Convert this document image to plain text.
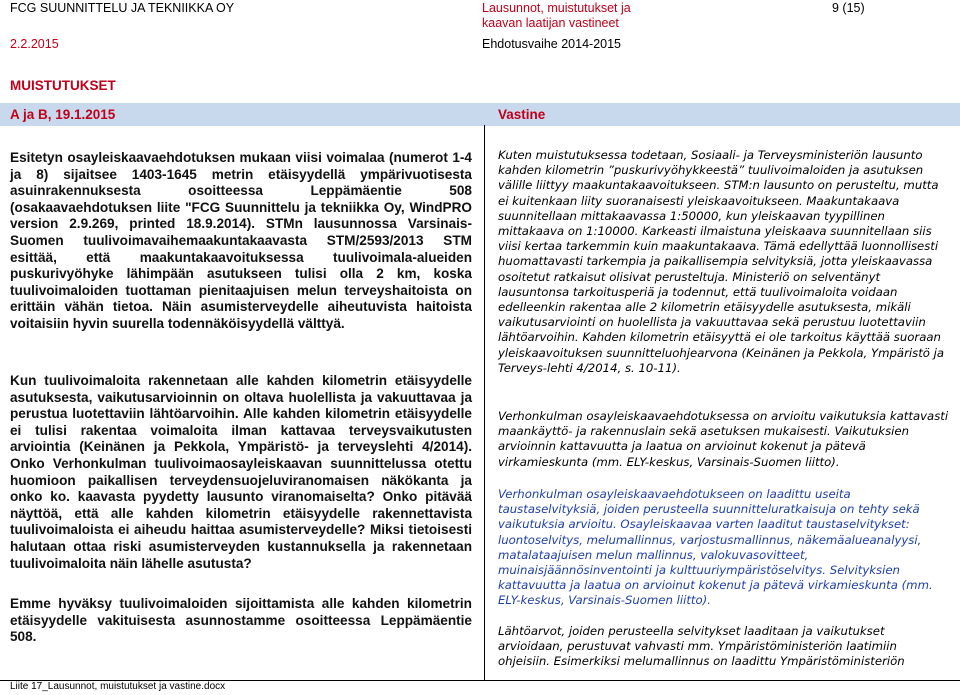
FCG SUUNNITTELU JA TEKNIIKKA OY	Lausunnot, muistutukset ja
kaavan laatijan vastineet
9 (15)
2.2.2015	Ehdotusvaihe 2014-2015
MUISTUTUKSET
A ja B, 19.1.2015	Vastine

Esitetyn osayleiskaavaehdotuksen mukaan viisi voimalaa (numerot 1-4 ja 8) sijaitsee 1403-1645 metrin etäisyydellä ympärivuotisesta asuinrakennuksesta osoitteessa Leppämäentie 508 (osakaavaehdotuksen liite "FCG Suunnittelu ja tekniikka Oy, WindPRO version 2.9.269, printed 18.9.2014). STMn lausunnossa Varsinais-Suomen tuulivoimavaihemaakuntakaavasta STM/2593/2013 STM esittää, että maakuntakaavoituksessa tuulivoimala-alueiden puskurivyöhyke lähimpään asutukseen tulisi olla 2 km, koska tuulivoimaloiden tuottaman pienitaajuisen melun terveyshaitoista on erittäin vähän tietoa. Näin asumisterveydelle aiheutuvista haitoista voitaisiin hyvin suurella todennäköisyydellä välttyä.

Kun tuulivoimaloita rakennetaan alle kahden kilometrin etäisyydelle asutuksesta, vaikutusarvioinnin on oltava huolellista ja vakuuttavaa ja perustua luotettaviin lähtöarvoihin. Alle kahden kilometrin etäisyydelle ei tulisi rakentaa voimaloita ilman kattavaa terveysvaikutusten arviointia (Keinänen ja Pekkola, Ympäristö- ja terveyslehti 4/2014). Onko Verhonkulman tuulivoimaosayleiskaavan suunnittelussa otettu huomioon paikallisen terveydensuojeluviranomaisen näkökanta ja onko ko. kaavasta pyydetty lausunto viranomaiselta? Onko pitävää näyttöä, että alle kahden kilometrin etäisyydelle rakennettavista tuulivoimaloista ei aiheudu haittaa asumisterveydelle? Miksi tietoisesti halutaan ottaa riski asumisterveyden kustannuksella ja rakennetaan tuulivoimaloita näin lähelle asutusta?

Emme hyväksy tuulivoimaloiden sijoittamista alle kahden kilometrin etäisyydelle vakituisesta asunnostamme osoitteessa Leppämäentie 508.

Kuten muistutuksessa todetaan, Sosiaali- ja Terveysministeriön lausunto kahden kilometrin ”puskurivyöhykkeestä” tuulivoimaloiden ja asutuksen välille liittyy maakuntakaavoitukseen. STM:n lausunto on perusteltu, mutta ei kuitenkaan liity suoranaisesti yleiskaavoitukseen. Maakuntakaava suunnitellaan mittakaavassa 1:50000, kun yleiskaavan tyypillinen mittakaava on 1:10000. Karkeasti ilmaistuna yleiskaava suunnitellaan siis viisi kertaa tarkemmin kuin maakuntakaava. Tämä edellyttää luonnollisesti huomattavasti tarkempia ja paikallisempia selvityksiä, jotta yleiskaavassa osoitetut ratkaisut olisivat perusteltuja. Ministeriö on selventänyt lausuntonsa tarkoitusperiä ja todennut, että tuulivoimaloita voidaan edelleenkin rakentaa alle 2 kilometrin etäisyydelle asutuksesta, mikäli vaikutusarviointi on huolellista ja vakuuttavaa sekä perustuu luotettaviin lähtöarvoihin. Kahden kilometrin etäisyyttä ei ole tarkoitus käyttää suoraan yleiskaavoituksen suunnitteluohjearvona (Keinänen ja Pekkola, Ympäristö ja Terveys-lehti 4/2014, s. 10-11).

Verhonkulman osayleiskaavaehdotuksessa on arvioitu vaikutuksia kattavasti maankäyttö- ja rakennuslain sekä asetuksen mukaisesti. Vaikutuksien arvioinnin kattavuutta ja laatua on arvioinut kokenut ja pätevä virkamieskunta (mm. ELY-keskus, Varsinais-Suomen liitto).

Verhonkulman osayleiskaavaehdotukseen on laadittu useita taustaselvityksiä, joiden perusteella suunnitteluratkaisuja on tehty sekä vaikutuksia arvioitu. Osayleiskaavaa varten laaditut taustaselvitykset: luontoselvitys, melumallinnus, varjostusmallinnus, näkemäalueanalyysi, matalataajuisen melun mallinnus, valokuvasovitteet, muinaisjäännösinventointi ja kulttuuriympäristöselvitys. Selvityksien kattavuutta ja laatua on arvioinut kokenut ja pätevä virkamieskunta (mm. ELY-keskus, Varsinais-Suomen liitto).

Lähtöarvot, joiden perusteella selvitykset laaditaan ja vaikutukset arvioidaan, perustuvat vahvasti mm. Ympäristöministeriön laatimiin ohjeisiin. Esimerkiksi melumallinnus on laadittu Ympäristöministeriön

Liite 17_Lausunnot, muistutukset ja vastine.docx
